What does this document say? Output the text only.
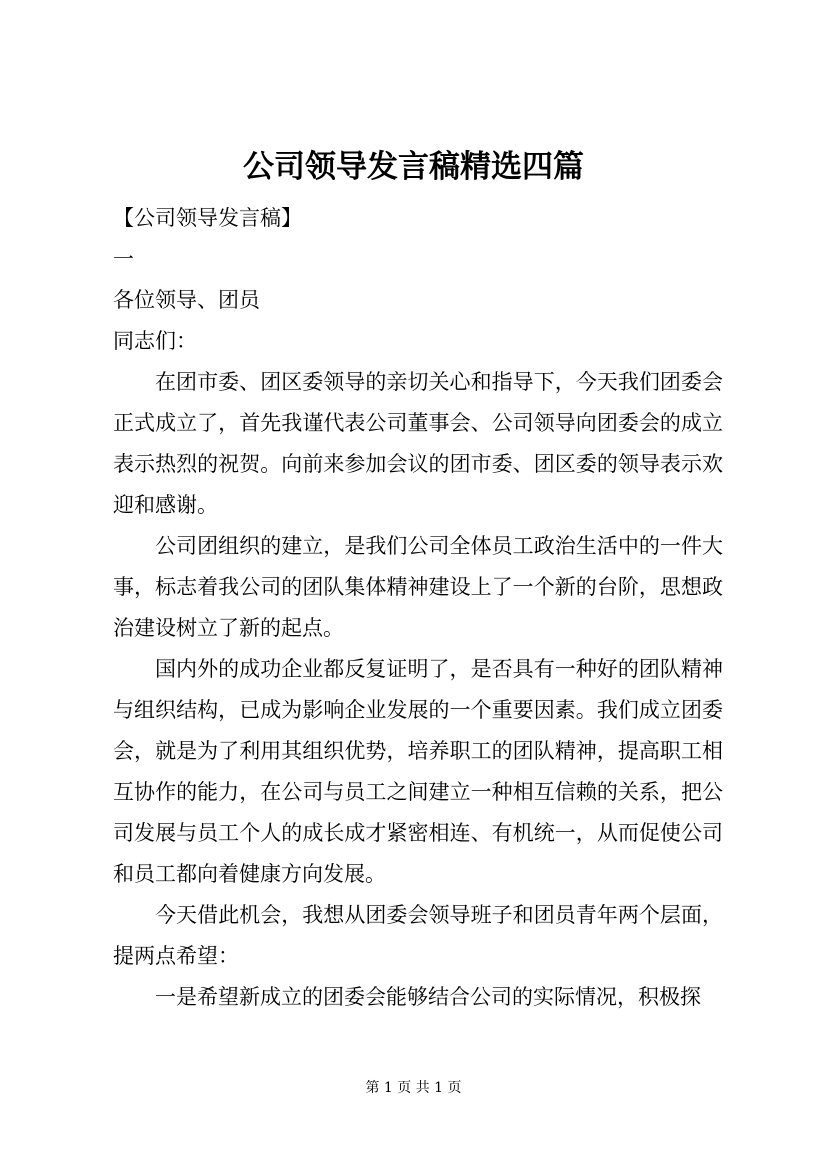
公司领导发言稿精选四篇

【公司领导发言稿】

一

各位领导、团员

同志们：

在团市委、团区委领导的亲切关心和指导下，今天我们团委会正式成立了，首先我谨代表公司董事会、公司领导向团委会的成立表示热烈的祝贺。向前来参加会议的团市委、团区委的领导表示欢迎和感谢。

公司团组织的建立，是我们公司全体员工政治生活中的一件大事，标志着我公司的团队集体精神建设上了一个新的台阶，思想政治建设树立了新的起点。

国内外的成功企业都反复证明了，是否具有一种好的团队精神与组织结构，已成为影响企业发展的一个重要因素。我们成立团委会，就是为了利用其组织优势，培养职工的团队精神，提高职工相互协作的能力，在公司与员工之间建立一种相互信赖的关系，把公司发展与员工个人的成长成才紧密相连、有机统一，从而促使公司和员工都向着健康方向发展。

今天借此机会，我想从团委会领导班子和团员青年两个层面，提两点希望：

一是希望新成立的团委会能够结合公司的实际情况，积极探

第 1 页 共 1 页
